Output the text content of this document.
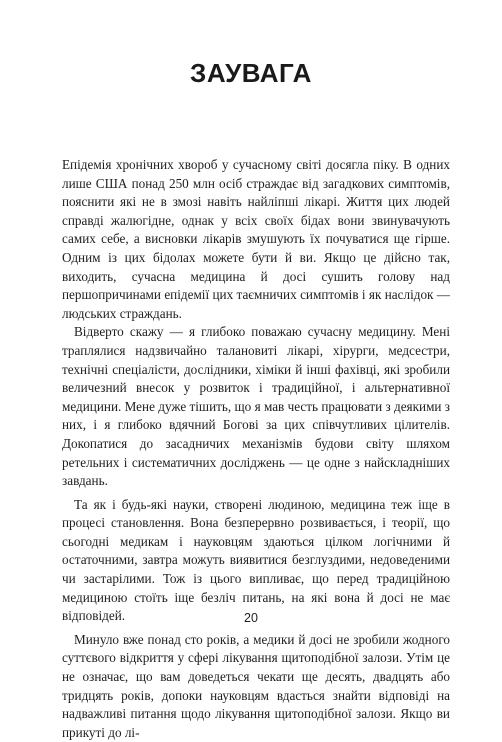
ЗАУВАГА

Епідемія хронічних хвороб у сучасному світі досягла піку. В одних лише США понад 250 млн осіб страждає від загадкових симптомів, пояснити які не в змозі навіть найліпші лікарі. Життя цих людей справді жалюгідне, однак у всіх своїх бідах вони звинувачують самих себе, а висновки лікарів змушують їх почуватися ще гірше. Одним із цих бідолах можете бути й ви. Якщо це дійсно так, виходить, сучасна медицина й досі сушить голову над першопричинами епідемії цих таємничих симптомів і як наслідок — людських страждань.

Відверто скажу — я глибоко поважаю сучасну медицину. Мені траплялися надзвичайно талановиті лікарі, хірурги, медсестри, технічні спеціалісти, дослідники, хіміки й інші фахівці, які зробили величезний внесок у розвиток і традиційної, і альтернативної медицини. Мене дуже тішить, що я мав честь працювати з деякими з них, і я глибоко вдячний Богові за цих співчутливих цілителів. Докопатися до засадничих механізмів будови світу шляхом ретельних і систематичних досліджень — це одне з найскладніших завдань.

Та як і будь-які науки, створені людиною, медицина теж іще в процесі становлення. Вона безперервно розвивається, і теорії, що сьогодні медикам і науковцям здаються цілком логічними й остаточними, завтра можуть виявитися безглуздими, недоведеними чи застарілими. Тож із цього випливає, що перед традиційною медициною стоїть іще безліч питань, на які вона й досі не має відповідей.

Минуло вже понад сто років, а медики й досі не зробили жодного суттєвого відкриття у сфері лікування щитоподібної залози. Утім це не означає, що вам доведеться чекати ще десять, двадцять або тридцять років, допоки науковцям вдасться знайти відповіді на надважливі питання щодо лікування щитоподібної залози. Якщо ви прикуті до лі-

20
